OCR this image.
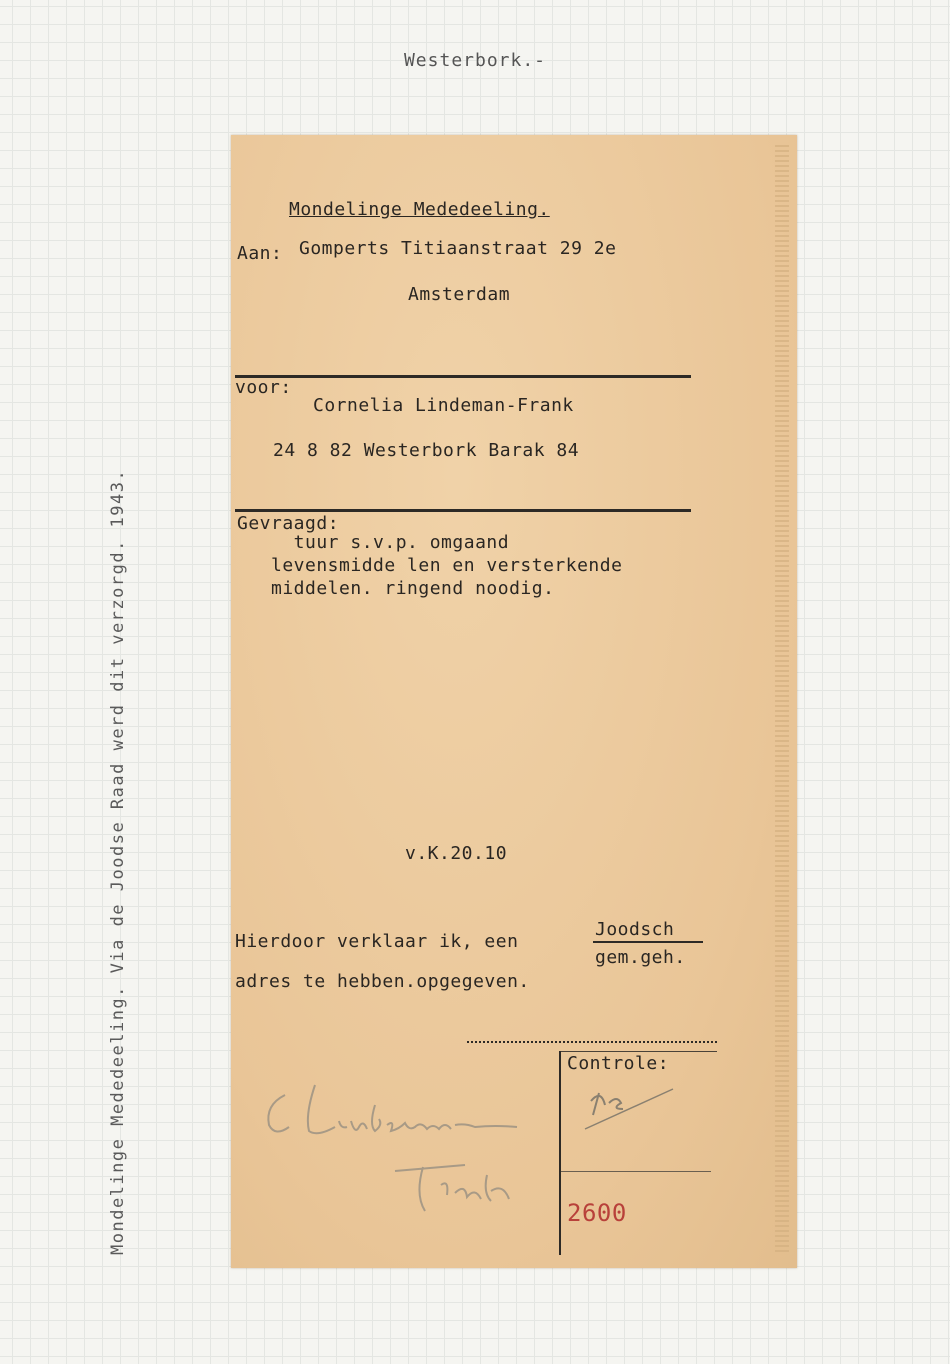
Westerbork.-
Mondelinge Mededeeling. Via de Joodse Raad werd dit verzorgd. 1943.
Mondelinge Mededeeling.
Aan: Gomperts Titiaanstraat 29 2e
Amsterdam
voor:
Cornelia Lindeman-Frank
24 8 82 Westerbork Barak 84
Gevraagd:
tuur s.v.p. omgaand
levensmidde len en versterkende
middelen. ringend noodig.
v.K.20.10
Hierdoor verklaar ik, een
Joodsch
gem.geh.
adres te hebben.opgegeven.
Controle:
2600
